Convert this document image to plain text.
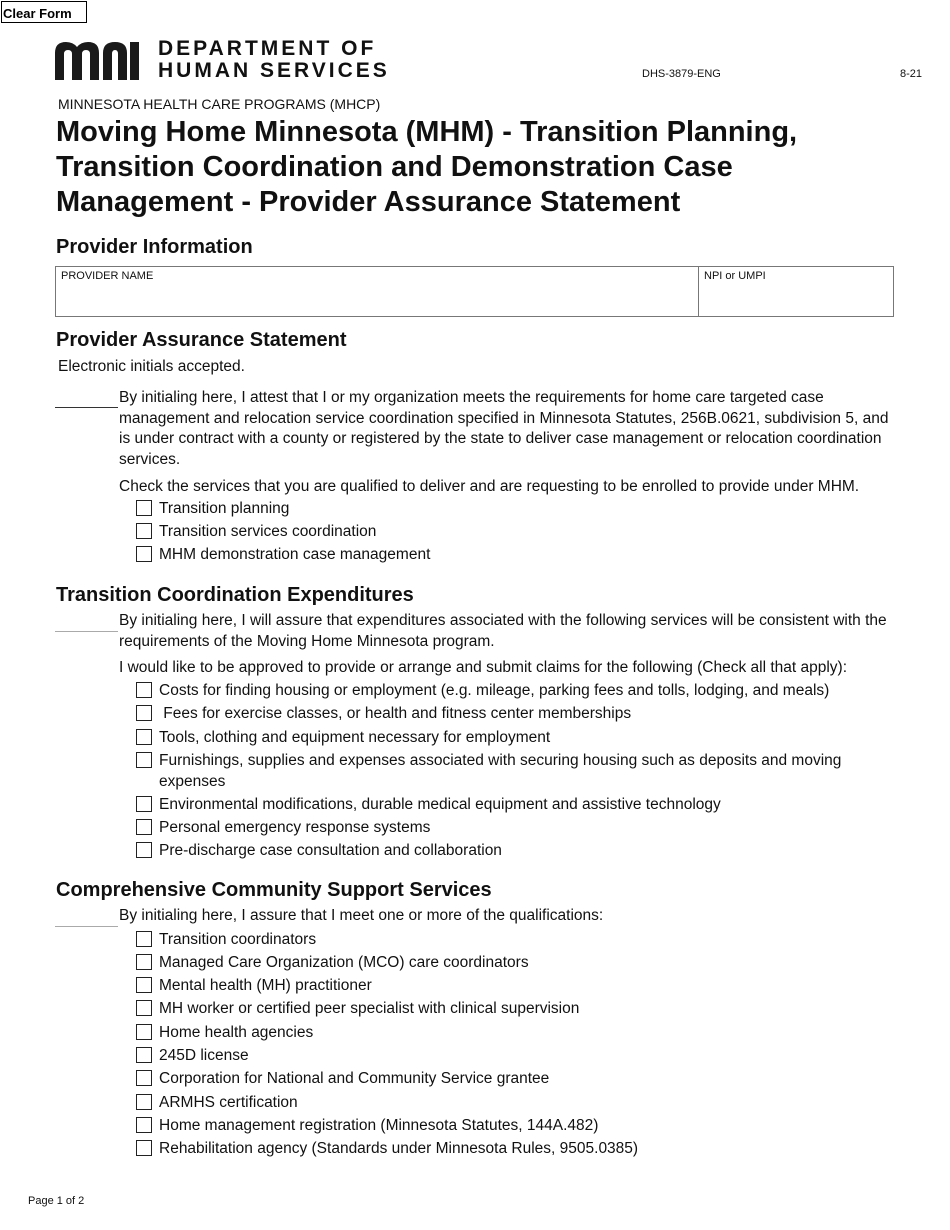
Clear Form
DEPARTMENT OF
HUMAN SERVICES	DHS-3879-ENG	8-21
MINNESOTA HEALTH CARE PROGRAMS (MHCP)
Moving Home Minnesota (MHM) - Transition Planning, Transition Coordination and Demonstration Case Management - Provider Assurance Statement
Provider Information
PROVIDER NAME	NPI or UMPI
Provider Assurance Statement
Electronic initials accepted.
By initialing here, I attest that I or my organization meets the requirements for home care targeted case management and relocation service coordination specified in Minnesota Statutes, 256B.0621, subdivision 5, and is under contract with a county or registered by the state to deliver case management or relocation coordination services.
Check the services that you are qualified to deliver and are requesting to be enrolled to provide under MHM.
Transition planning
Transition services coordination
MHM demonstration case management
Transition Coordination Expenditures
By initialing here, I will assure that expenditures associated with the following services will be consistent with the requirements of the Moving Home Minnesota program.
I would like to be approved to provide or arrange and submit claims for the following (Check all that apply):
Costs for finding housing or employment (e.g. mileage, parking fees and tolls, lodging, and meals)
Fees for exercise classes, or health and fitness center memberships
Tools, clothing and equipment necessary for employment
Furnishings, supplies and expenses associated with securing housing such as deposits and moving expenses
Environmental modifications, durable medical equipment and assistive technology
Personal emergency response systems
Pre-discharge case consultation and collaboration
Comprehensive Community Support Services
By initialing here, I assure that I meet one or more of the qualifications:
Transition coordinators
Managed Care Organization (MCO) care coordinators
Mental health (MH) practitioner
MH worker or certified peer specialist with clinical supervision
Home health agencies
245D license
Corporation for National and Community Service grantee
ARMHS certification
Home management registration (Minnesota Statutes, 144A.482)
Rehabilitation agency (Standards under Minnesota Rules, 9505.0385)
Page 1 of 2
